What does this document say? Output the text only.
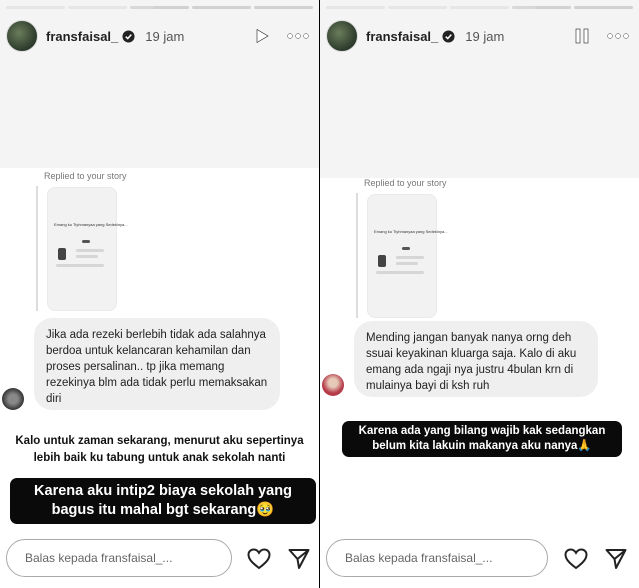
fransfaisal_ 19 jam
Replied to your story
Emang ku Tiyhmanyaa yang Sedekinya...
Jika ada rezeki berlebih tidak ada salahnya berdoa untuk kelancaran kehamilan dan proses persalinan.. tp jika memang rezekinya blm ada tidak perlu memaksakan diri
Kalo untuk zaman sekarang, menurut aku sepertinya
lebih baik ku tabung untuk anak sekolah nanti
Karena aku intip2 biaya sekolah yang
bagus itu mahal bgt sekarang🥹
Balas kepada fransfaisal_...
fransfaisal_ 19 jam
Replied to your story
Emang ku Tiyhmanyaa yang Sedekinya...
Mending jangan banyak nanya orng deh ssuai keyakinan kluarga saja. Kalo di aku emang ada ngaji nya justru 4bulan krn di mulainya bayi di ksh ruh
Karena ada yang bilang wajib kak sedangkan
belum kita lakuin makanya aku nanya🙏
Balas kepada fransfaisal_...
